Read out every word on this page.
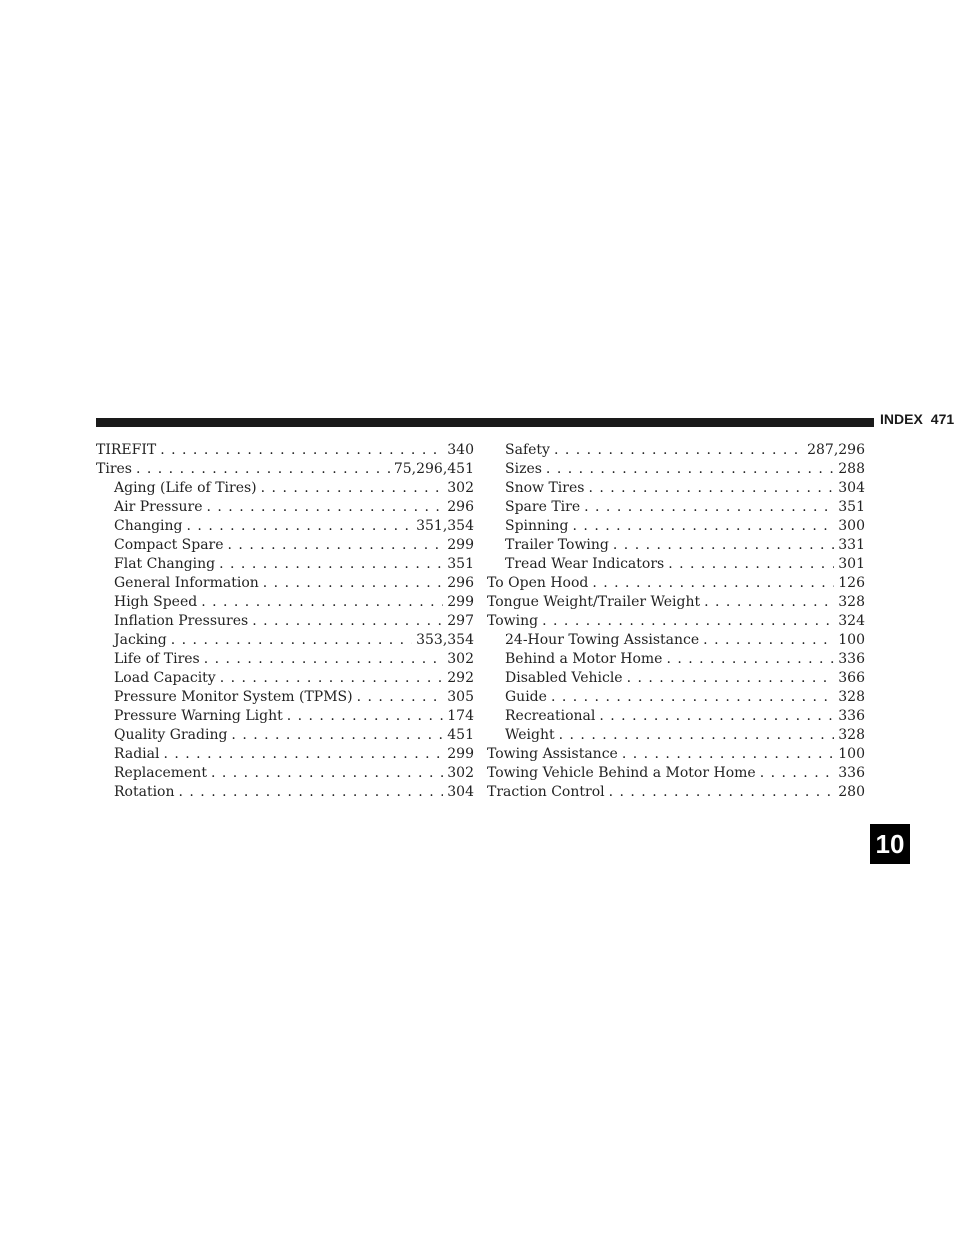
INDEX 471
TIREFIT . . .	340
Tires . . .	75,296,451
Aging (Life of Tires) . . .	302
Air Pressure . . .	296
Changing . . .	351,354
Compact Spare . . .	299
Flat Changing . . .	351
General Information . . .	296
High Speed . . .	299
Inflation Pressures . . .	297
Jacking . . .	353,354
Life of Tires . . .	302
Load Capacity . . .	292
Pressure Monitor System (TPMS) . . .	305
Pressure Warning Light . . .	174
Quality Grading . . .	451
Radial . . .	299
Replacement . . .	302
Rotation . . .	304
Safety . . .	287,296
Sizes . . .	288
Snow Tires . . .	304
Spare Tire . . .	351
Spinning . . .	300
Trailer Towing . . .	331
Tread Wear Indicators . . .	301
To Open Hood . . .	126
Tongue Weight/Trailer Weight . . .	328
Towing . . .	324
24-Hour Towing Assistance . . .	100
Behind a Motor Home . . .	336
Disabled Vehicle . . .	366
Guide . . .	328
Recreational . . .	336
Weight . . .	328
Towing Assistance . . .	100
Towing Vehicle Behind a Motor Home . . .	336
Traction Control . . .	280
10
